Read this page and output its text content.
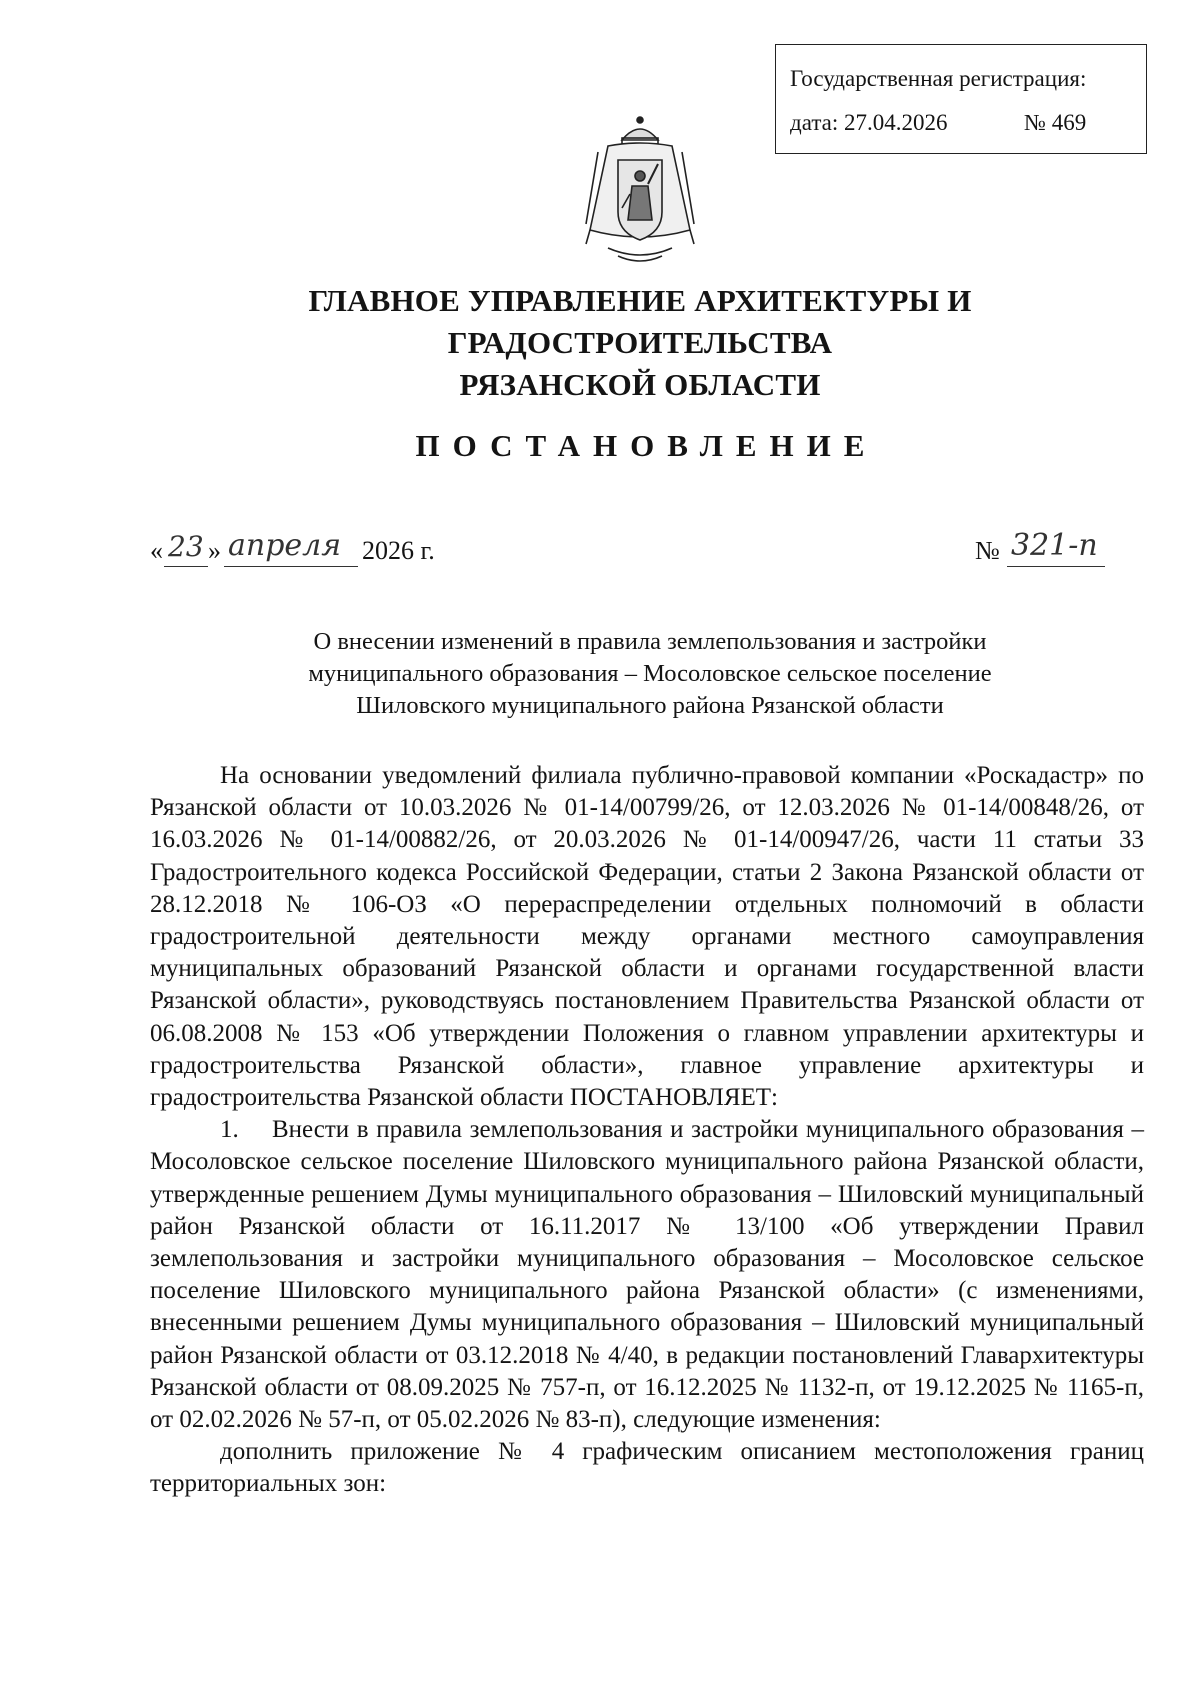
Государственная регистрация:
дата: 27.04.2026	№ 469
ГЛАВНОЕ УПРАВЛЕНИЕ АРХИТЕКТУРЫ И ГРАДОСТРОИТЕЛЬСТВА
РЯЗАНСКОЙ ОБЛАСТИ
ПОСТАНОВЛЕНИЕ
« 23 » апреля 2026 г.	№ 321-п
О внесении изменений в правила землепользования и застройки
муниципального образования – Мосоловское сельское поселение
Шиловского муниципального района Рязанской области

На основании уведомлений филиала публично-правовой компании «Роскадастр» по Рязанской области от 10.03.2026 № 01-14/00799/26, от 12.03.2026 № 01-14/00848/26, от 16.03.2026 № 01-14/00882/26, от 20.03.2026 № 01-14/00947/26, части 11 статьи 33 Градостроительного кодекса Российской Федерации, статьи 2 Закона Рязанской области от 28.12.2018 № 106-ОЗ «О перераспределении отдельных полномочий в области градостроительной деятельности между органами местного самоуправления муниципальных образований Рязанской области и органами государственной власти Рязанской области», руководствуясь постановлением Правительства Рязанской области от 06.08.2008 № 153 «Об утверждении Положения о главном управлении архитектуры и градостроительства Рязанской области», главное управление архитектуры и градостроительства Рязанской области ПОСТАНОВЛЯЕТ:

1. Внести в правила землепользования и застройки муниципального образования – Мосоловское сельское поселение Шиловского муниципального района Рязанской области, утвержденные решением Думы муниципального образования – Шиловский муниципальный район Рязанской области от 16.11.2017 № 13/100 «Об утверждении Правил землепользования и застройки муниципального образования – Мосоловское сельское поселение Шиловского муниципального района Рязанской области» (с изменениями, внесенными решением Думы муниципального образования – Шиловский муниципальный район Рязанской области от 03.12.2018 № 4/40, в редакции постановлений Главархитектуры Рязанской области от 08.09.2025 № 757-п, от 16.12.2025 № 1132-п, от 19.12.2025 № 1165-п, от 02.02.2026 № 57-п, от 05.02.2026 № 83-п), следующие изменения:

дополнить приложение № 4 графическим описанием местоположения границ территориальных зон:
